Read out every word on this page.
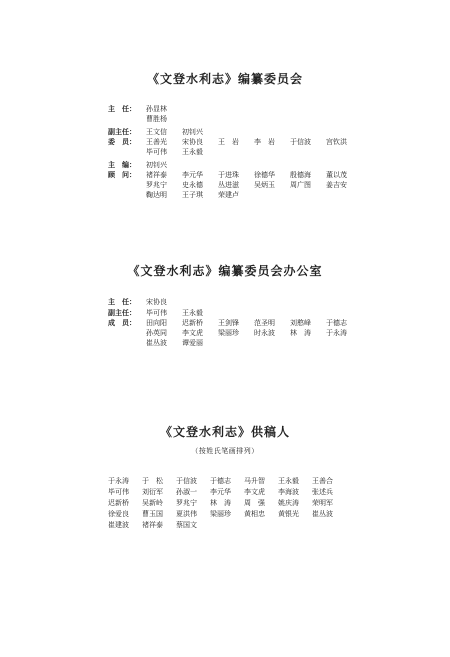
《文登水利志》编纂委员会
主　任：	孙显林
曹胜杨
副主任：	王文信 初钊兴
委　员：	王善光 宋协良 王　岩 李　岩 于信波 宫钦洪
毕可伟 王永毅
主　编：	初钊兴
顾　问：	褚祥泰 李元华 于进珠 徐德华 殷德海 董以茂
罗兆宁 史永德 丛进滋 吴炳玉 周广图 姜吉安
鞠达明 王子琪 荣建卢
《文登水利志》编纂委员会办公室
主　任：	宋协良
副主任：	毕可伟 王永毅
成　员：	田向阳 迟新桥 王剑锋 范圣明 刘憨峰 于德志
孙英同 李文虎 梁丽珍 时永波 林　涛 于永涛
崔丛波 谭爱丽
《文登水利志》供稿人
（按姓氏笔画排列）
于永涛 于　松 于信波 于德志 马升智 王永毅 王善合
毕可伟 刘衍军 孙淑一 李元华 李文虎 李海波 张述兵
迟新桥 吴新岭 罗兆宁 林　涛 周　强 姚庆涛 荣明军
徐爱良 曹玉国 夏洪伟 梁丽珍 黄相忠 黄银光 崔丛波
崔建波 褚祥泰 蔡国文
